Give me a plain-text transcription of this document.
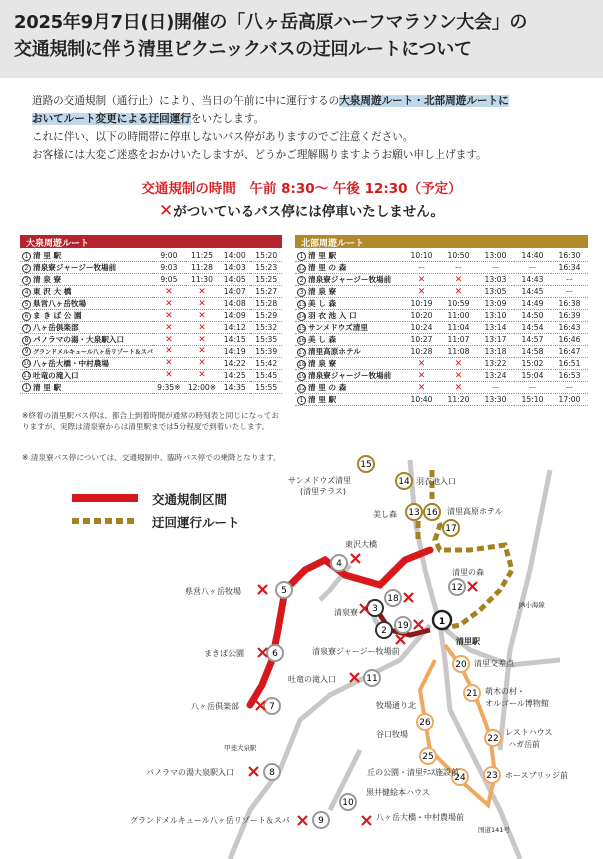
2025年9月7日(日)開催の「八ヶ岳高原ハーフマラソン大会」の
交通規制に伴う清里ピクニックバスの迂回ルートについて
道路の交通規制（通行止）により、当日の午前に中に運行するの大泉周遊ルート・北部周遊ルートに
おいてルート変更による迂回運行をいたします。
これに伴い、以下の時間帯に停車しないバス停がありますのでご注意ください。
お客様には大変ご迷惑をおかけいたしますが、どうかご理解賜りますようお願い申し上げます。
交通規制の時間　午前 8:30～ 午後 12:30（予定）
✕がついているバス停には停車いたしません。
大泉周遊ルート	北部周遊ルート
1 清 里 駅	9:00	11:25	14:00	15:20
2 清泉寮ジャージー牧場前	9:03	11:28	14:03	15:23
3 清 泉 寮	9:05	11:30	14:05	15:25
4 東 沢 大 橋	✕	✕	14:07	15:27
5 県営八ヶ岳牧場	✕	✕	14:08	15:28
6 ま き ば 公 園	✕	✕	14:09	15:29
7 八ヶ岳倶楽部	✕	✕	14:12	15:32
8 パノラマの湯・大泉駅入口	✕	✕	14:15	15:35
9 グランドメルキュール八ヶ岳リゾート＆スパ	✕	✕	14:19	15:39
10 八ヶ岳大橋・中村農場	✕	✕	14:22	15:42
11 吐竜の滝入口	✕	✕	14:25	15:45
1 清 里 駅	9:35※	12:00※	14:35	15:55
1 清 里 駅	10:10	10:50	13:00	14:40	16:30
12 清 里 の 森	ー	ー	ー	ー	16:34
2 清泉寮ジャージー牧場前	✕	✕	13:03	14:43	ー
3 清 泉 寮	✕	✕	13:05	14:45	ー
13 美 し 森	10:19	10:59	13:09	14:49	16:38
14 羽 衣 池 入 口	10:20	11:00	13:10	14:50	16:39
15 サンメドウズ清里	10:24	11:04	13:14	14:54	16:43
16 美 し 森	10:27	11:07	13:17	14:57	16:46
17 清里高原ホテル	10:28	11:08	13:18	14:58	16:47
18 清 泉 寮	✕	✕	13:22	15:02	16:51
19 清泉寮ジャージー牧場前	✕	✕	13:24	15:04	16:53
12 清 里 の 森	✕	✕	ー	ー	ー
1 清 里 駅	10:40	11:20	13:30	15:10	17:00
※終着の清里駅バス停は、都合上到着時間が通常の時刻表と同じになっておりますが、実際は清泉寮からは清里駅までは5分程度で到着いたします。
※ 清泉寮バス停については、交通規制中、臨時バス停での乗降となります。
15
14
13 16
17
4
12
5
18
3
19
2
1
6
20
11
21
7
26
22
25
8	24 23
10
9
交通規制区間
迂回運行ルート
サンメドウズ清里
(清里テラス)
羽衣池入口
美し森	清里高原ホテル
東沢大橋
清里の森
JR小海線
県営八ヶ岳牧場
清泉寮
清泉寮ジャージー牧場前
清里駅
まきば公園
吐竜の滝入口
清里交差点
八ヶ岳倶楽部
甲斐大泉駅
パノラマの湯大泉駅入口
グランドメルキュール八ヶ岳リゾート＆スパ	八ヶ岳大橋・中村農場前
牧場通り北
谷口牧場
丘の公園・清里ﾃﾆｽ施設前
黒井健絵本ハウス
萌木の村・
オルゴール博物館
レストハウス
ハガ岳前
ホースブリッジ前
国道141号
